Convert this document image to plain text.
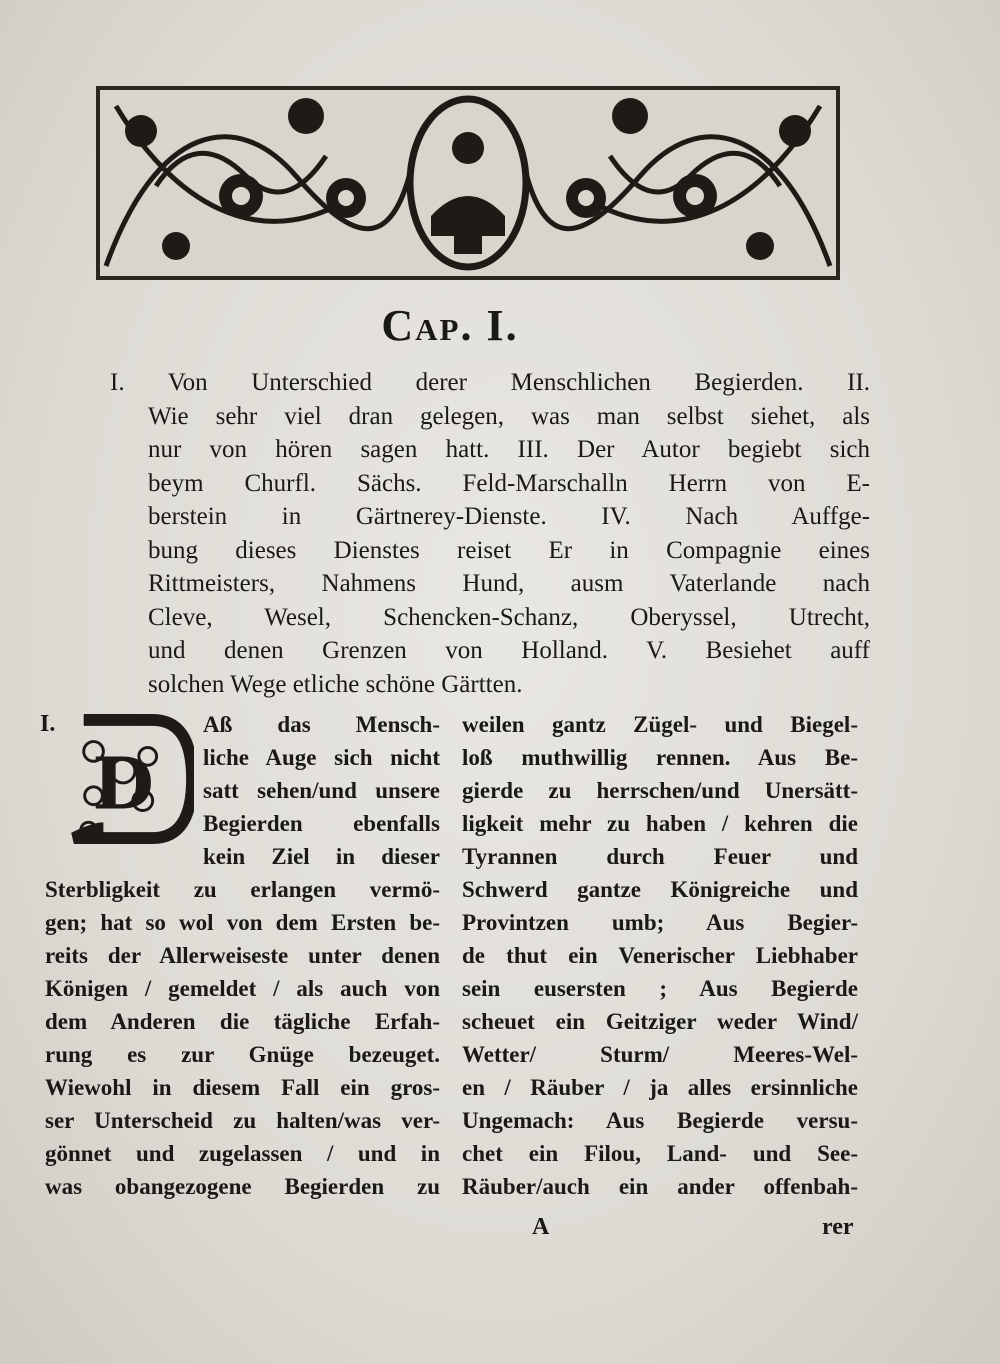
Cap. I.
I. Von Unterschied derer Menschlichen Begierden. II.
Wie sehr viel dran gelegen, was man selbst siehet, als
nur von hören sagen hatt. III. Der Autor begiebt sich
beym Churfl. Sächs. Feld-Marschalln Herrn von E-
berstein in Gärtnerey-Dienste. IV. Nach Auffge-
bung dieses Dienstes reiset Er in Compagnie eines
Rittmeisters, Nahmens Hund, ausm Vaterlande nach
Cleve, Wesel, Schencken-Schanz, Oberyssel, Utrecht,
und denen Grenzen von Holland. V. Besiehet auff
solchen Wege etliche schöne Gärtten.
I.
D
Aß das Mensch-
liche Auge sich nicht
satt sehen/und unsere
Begierden ebenfalls
kein Ziel in dieser
Sterbligkeit zu erlangen vermö-
gen; hat so wol von dem Ersten be-
reits der Allerweiseste unter denen
Königen / gemeldet / als auch von
dem Anderen die tägliche Erfah-
rung es zur Gnüge bezeuget.
Wiewohl in diesem Fall ein gros-
ser Unterscheid zu halten/was ver-
gönnet und zugelassen / und in
was obangezogene Begierden zu
weilen gantz Zügel- und Biegel-
loß muthwillig rennen. Aus Be-
gierde zu herrschen/und Unersätt-
ligkeit mehr zu haben / kehren die
Tyrannen durch Feuer und
Schwerd gantze Königreiche und
Provintzen umb; Aus Begier-
de thut ein Venerischer Liebhaber
sein eusersten ; Aus Begierde
scheuet ein Geitziger weder Wind/
Wetter/ Sturm/ Meeres-Wel-
en / Räuber / ja alles ersinnliche
Ungemach: Aus Begierde versu-
chet ein Filou, Land- und See-
Räuber/auch ein ander offenbah-
A	rer
